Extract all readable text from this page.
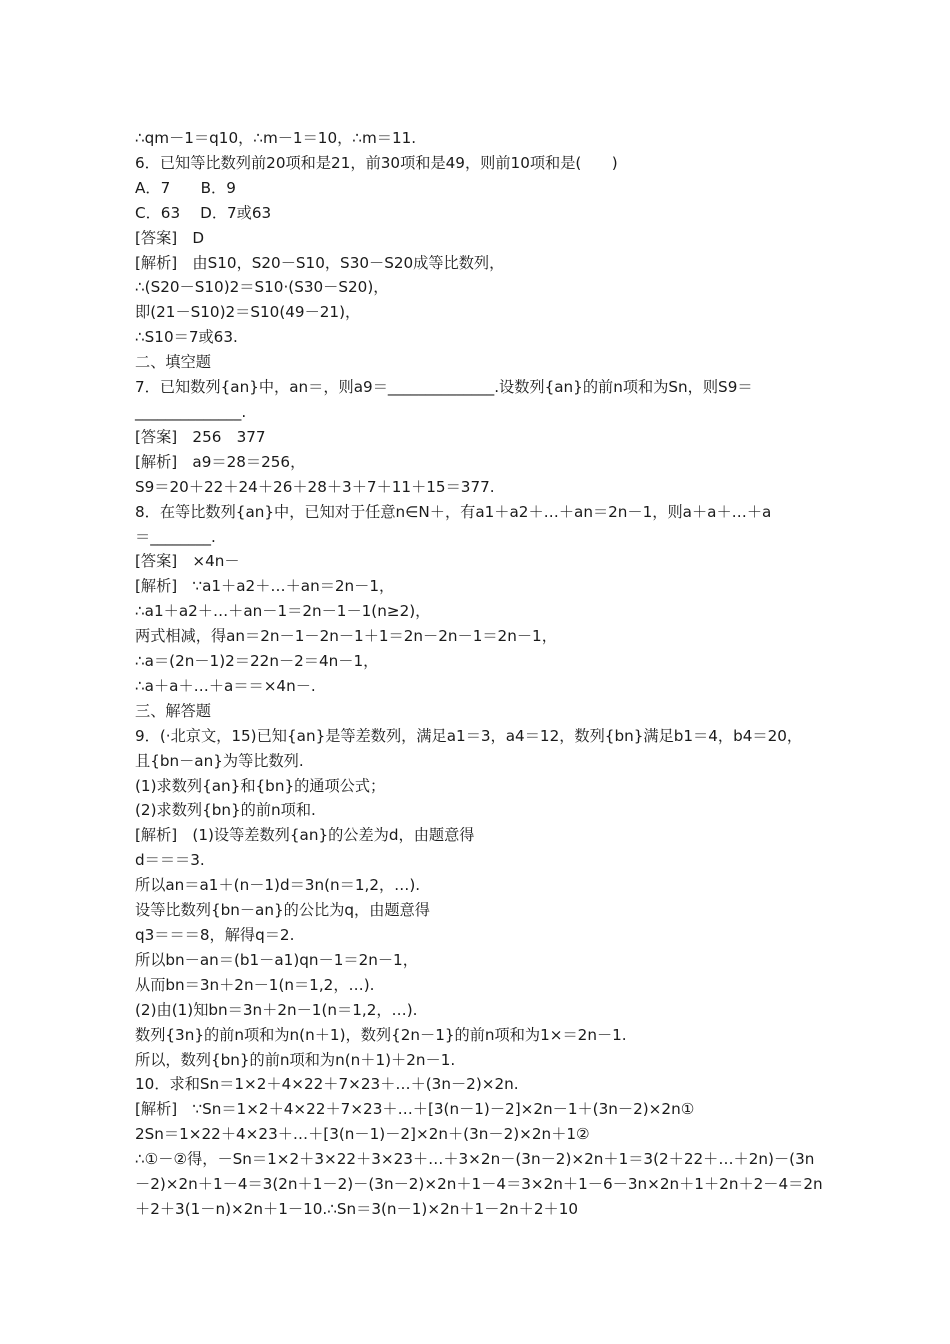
∴qm－1＝q10，∴m－1＝10，∴m＝11.

6．已知等比数列前20项和是21，前30项和是49，则前10项和是(　　)

A．7　　B．9

C．63　 D．7或63

[答案]　D

[解析]　由S10，S20－S10，S30－S20成等比数列，

∴(S20－S10)2＝S10·(S30－S20)，

即(21－S10)2＝S10(49－21)，

∴S10＝7或63.

二、填空题

7．已知数列{an}中，an＝，则a9＝______________.设数列{an}的前n项和为Sn，则S9＝

______________.

[答案]　256　377

[解析]　a9＝28＝256，

S9＝20＋22＋24＋26＋28＋3＋7＋11＋15＝377.

8．在等比数列{an}中，已知对于任意n∈N＋，有a1＋a2＋…＋an＝2n－1，则a＋a＋…＋a

＝________.

[答案]　×4n－

[解析]　∵a1＋a2＋…＋an＝2n－1，

∴a1＋a2＋…＋an－1＝2n－1－1(n≥2)，

两式相减，得an＝2n－1－2n－1＋1＝2n－2n－1＝2n－1，

∴a＝(2n－1)2＝22n－2＝4n－1，

∴a＋a＋…＋a＝＝×4n－.

三、解答题

9．(·北京文，15)已知{an}是等差数列，满足a1＝3，a4＝12，数列{bn}满足b1＝4，b4＝20，

且{bn－an}为等比数列.

(1)求数列{an}和{bn}的通项公式；

(2)求数列{bn}的前n项和.

[解析]　(1)设等差数列{an}的公差为d，由题意得

d＝＝＝3.

所以an＝a1＋(n－1)d＝3n(n＝1,2，…).

设等比数列{bn－an}的公比为q，由题意得

q3＝＝＝8，解得q＝2.

所以bn－an＝(b1－a1)qn－1＝2n－1，

从而bn＝3n＋2n－1(n＝1,2，…).

(2)由(1)知bn＝3n＋2n－1(n＝1,2，…).

数列{3n}的前n项和为n(n＋1)，数列{2n－1}的前n项和为1×＝2n－1.

所以，数列{bn}的前n项和为n(n＋1)＋2n－1.

10．求和Sn＝1×2＋4×22＋7×23＋…＋(3n－2)×2n.

[解析]　∵Sn＝1×2＋4×22＋7×23＋…＋[3(n－1)－2]×2n－1＋(3n－2)×2n①

2Sn＝1×22＋4×23＋…＋[3(n－1)－2]×2n＋(3n－2)×2n＋1②

∴①－②得，－Sn＝1×2＋3×22＋3×23＋…＋3×2n－(3n－2)×2n＋1＝3(2＋22＋…＋2n)－(3n－2)×2n＋1－4＝3(2n＋1－2)－(3n－2)×2n＋1－4＝3×2n＋1－6－3n×2n＋1＋2n＋2－4＝2n＋2＋3(1－n)×2n＋1－10.∴Sn＝3(n－1)×2n＋1－2n＋2＋10
